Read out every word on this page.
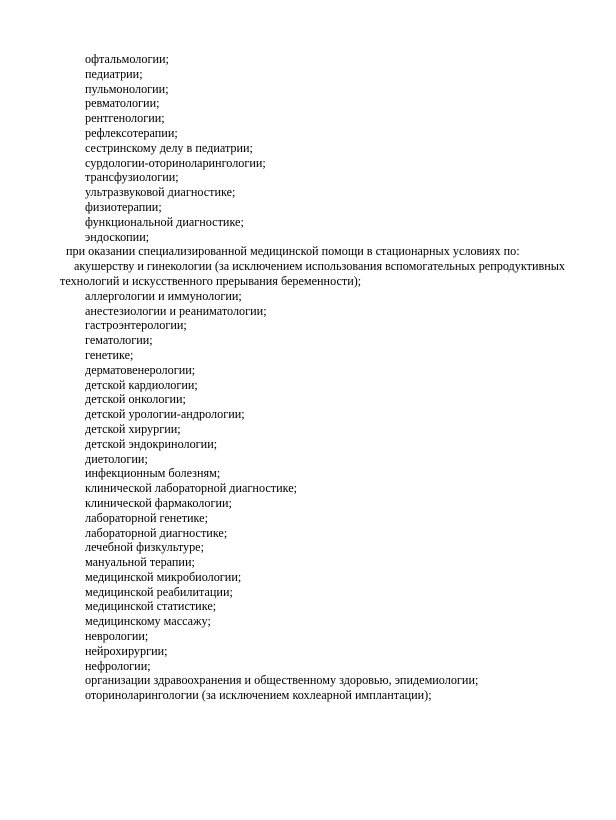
офтальмологии;
педиатрии;
пульмонологии;
ревматологии;
рентгенологии;
рефлексотерапии;
сестринскому делу в педиатрии;
сурдологии-оториноларингологии;
трансфузиологии;
ультразвуковой диагностике;
физиотерапии;
функциональной диагностике;
эндоскопии;
при оказании специализированной медицинской помощи в стационарных условиях по:
акушерству и гинекологии (за исключением использования вспомогательных репродуктивных
технологий и искусственного прерывания беременности);
аллергологии и иммунологии;
анестезиологии и реаниматологии;
гастроэнтерологии;
гематологии;
генетике;
дерматовенерологии;
детской кардиологии;
детской онкологии;
детской урологии-андрологии;
детской хирургии;
детской эндокринологии;
диетологии;
инфекционным болезням;
клинической лабораторной диагностике;
клинической фармакологии;
лабораторной генетике;
лабораторной диагностике;
лечебной физкультуре;
мануальной терапии;
медицинской микробиологии;
медицинской реабилитации;
медицинской статистике;
медицинскому массажу;
неврологии;
нейрохирургии;
нефрологии;
организации здравоохранения и общественному здоровью, эпидемиологии;
оториноларингологии (за исключением кохлеарной имплантации);
